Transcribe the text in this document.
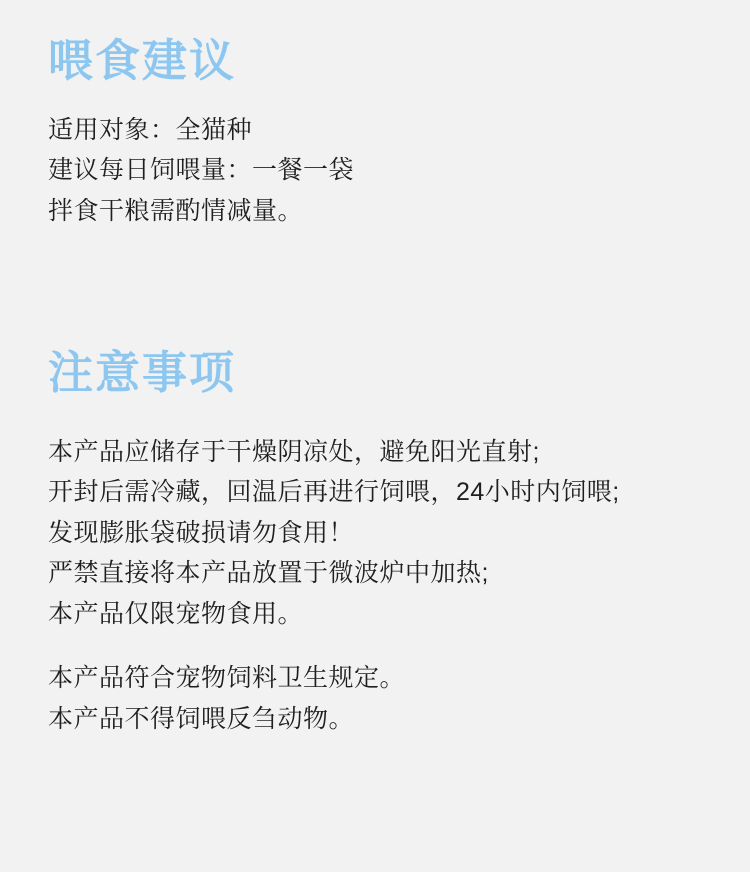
喂食建议
适用对象：全猫种
建议每日饲喂量：一餐一袋
拌食干粮需酌情减量。
注意事项
本产品应储存于干燥阴凉处，避免阳光直射;
开封后需冷藏，回温后再进行饲喂，24小时内饲喂;
发现膨胀袋破损请勿食用！
严禁直接将本产品放置于微波炉中加热;
本产品仅限宠物食用。
本产品符合宠物饲料卫生规定。
本产品不得饲喂反刍动物。
